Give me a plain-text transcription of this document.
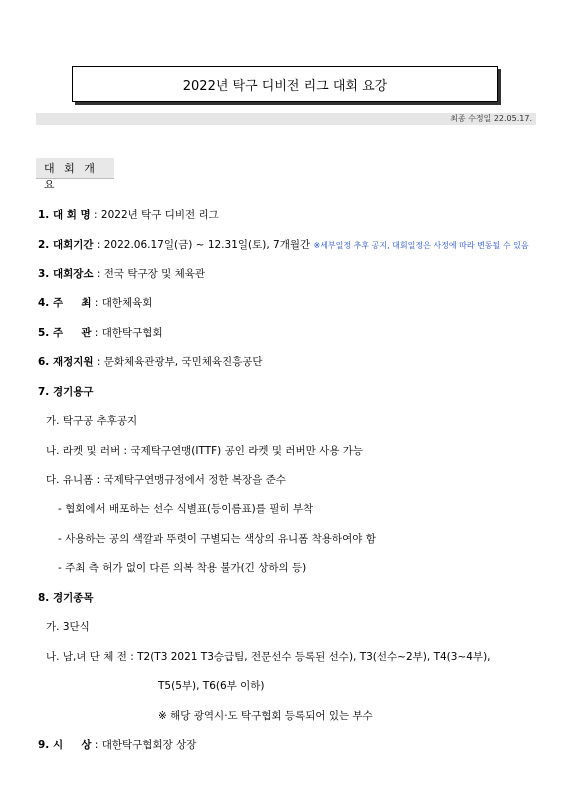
2022년 탁구 디비전 리그 대회 요강
최종 수정일 22.05.17.
대 회 개 요
1. 대 회 명 : 2022년 탁구 디비전 리그
2. 대회기간 : 2022.06.17일(금) ~ 12.31일(토), 7개월간 ※세부일정 추후 공지, 대회일정은 사정에 따라 변동될 수 있음
3. 대회장소 : 전국 탁구장 및 체육관
4. 주     최 : 대한체육회
5. 주     관 : 대한탁구협회
6. 재정지원 : 문화체육관광부, 국민체육진흥공단
7. 경기용구
가. 탁구공 추후공지
나. 라켓 및 러버 : 국제탁구연맹(ITTF) 공인 라켓 및 러버만 사용 가능
다. 유니폼 : 국제탁구연맹규정에서 정한 복장을 준수
- 협회에서 배포하는 선수 식별표(등이름표)를 필히 부착
- 사용하는 공의 색깔과 뚜렷이 구별되는 색상의 유니폼 착용하여야 함
- 주최 측 허가 없이 다른 의복 착용 불가(긴 상하의 등)
8. 경기종목
가. 3단식
나. 남,녀 단 체 전 : T2(T3 2021 T3승급팀, 전문선수 등록된 선수), T3(선수~2부), T4(3~4부),
T5(5부), T6(6부 이하)
※ 해당 광역시·도 탁구협회 등록되어 있는 부수
9. 시     상 : 대한탁구협회장 상장
